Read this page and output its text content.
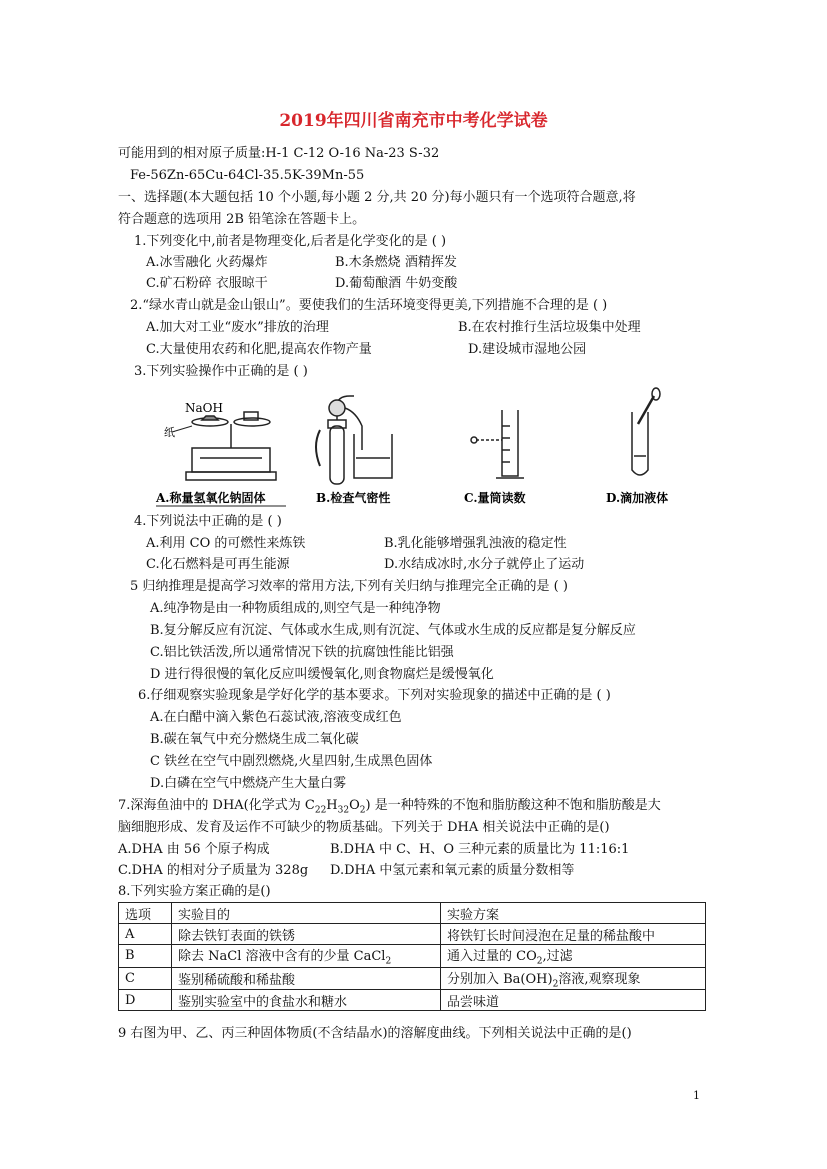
2019年四川省南充市中考化学试卷
可能用到的相对原子质量:H-1 C-12 O-16 Na-23 S-32
Fe-56Zn-65Cu-64Cl-35.5K-39Mn-55
一、选择题(本大题包括 10 个小题,每小题 2 分,共 20 分)每小题只有一个选项符合题意,将
符合题意的选项用 2B 铅笔涂在答题卡上。
1.下列变化中,前者是物理变化,后者是化学变化的是 ( )
A.冰雪融化 火药爆炸	B.木条燃烧 酒精挥发
C.矿石粉碎 衣服晾干	D.葡萄酿酒 牛奶变酸
2.“绿水青山就是金山银山”。要使我们的生活环境变得更美,下列措施不合理的是 ( )
A.加大对工业“废水”排放的治理	B.在农村推行生活垃圾集中处理
C.大量使用农药和化肥,提高农作物产量	D.建设城市湿地公园
3.下列实验操作中正确的是 ( )
NaOH
纸
A.称量氢氧化钠固体	B.检查气密性	C.量筒读数	D.滴加液体
4.下列说法中正确的是 ( )
A.利用 CO 的可燃性来炼铁	B.乳化能够增强乳浊液的稳定性
C.化石燃料是可再生能源	D.水结成冰时,水分子就停止了运动
5 归纳推理是提高学习效率的常用方法,下列有关归纳与推理完全正确的是 ( )
A.纯净物是由一种物质组成的,则空气是一种纯净物
B.复分解反应有沉淀、气体或水生成,则有沉淀、气体或水生成的反应都是复分解反应
C.铝比铁活泼,所以通常情况下铁的抗腐蚀性能比铝强
D 进行得很慢的氧化反应叫缓慢氧化,则食物腐烂是缓慢氧化
6.仔细观察实验现象是学好化学的基本要求。下列对实验现象的描述中正确的是 ( )
A.在白醋中滴入紫色石蕊试液,溶液变成红色
B.碳在氧气中充分燃烧生成二氧化碳
C 铁丝在空气中剧烈燃烧,火星四射,生成黑色固体
D.白磷在空气中燃烧产生大量白雾
7.深海鱼油中的 DHA(化学式为 $C_{22}H_{32}O_2$) 是一种特殊的不饱和脂肪酸这种不饱和脂肪酸是大
脑细胞形成、发育及运作不可缺少的物质基础。下列关于 DHA 相关说法中正确的是()
A.DHA 由 56 个原子构成	B.DHA 中 C、H、O 三种元素的质量比为 11:16:1
C.DHA 的相对分子质量为 328g D.DHA 中氢元素和氧元素的质量分数相等
8.下列实验方案正确的是()
选项	实验目的	实验方案
A	除去铁钉表面的铁锈	将铁钉长时间浸泡在足量的稀盐酸中
B	除去 NaCl 溶液中含有的少量 CaCl$_2$	通入过量的 $CO_2$,过滤
C	鉴别稀硫酸和稀盐酸	分别加入 $Ba(OH)_2$溶液,观察现象
D	鉴别实验室中的食盐水和糖水	品尝味道
9 右图为甲、乙、丙三种固体物质(不含结晶水)的溶解度曲线。下列相关说法中正确的是()
1
